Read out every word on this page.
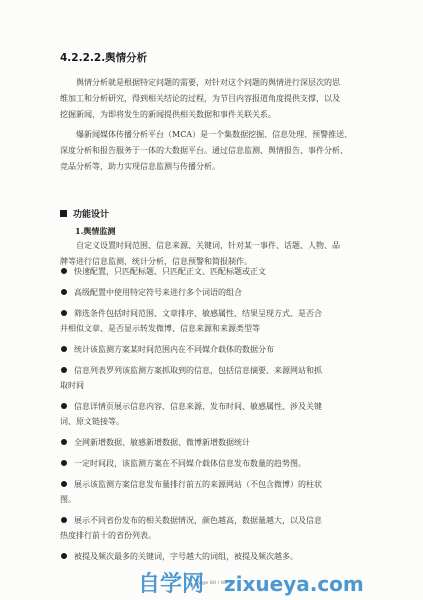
4.2.2.2.舆情分析
舆情分析就是根据特定问题的需要，对针对这个问题的舆情进行深层次的思
维加工和分析研究，得到相关结论的过程，为节目内容报道角度提供支撑，以及
挖掘新闻，为即将发生的新闻提供相关数据和事件关联关系。
爆新闻媒体传播分析平台（MCA）是一个集数据挖掘、信息处理、预警推送、
深度分析和报告服务于一体的大数据平台。通过信息监测、舆情报告、事件分析、
竞品分析等，助力实现信息监测与传播分析。
功能设计
1.舆情监测
自定义设置时间范围、信息来源、关键词，针对某一事件、话题、人物、品
牌等进行信息监测，统计分析，信息预警和简报制作。
快速配置，只匹配标题、只匹配正文、匹配标题或正文
高级配置中使用特定符号来进行多个词语的组合
筛选条件包括时间范围、文章排序、敏感属性、结果呈现方式、是否合
并相似文章、是否显示转发微博、信息来源和来源类型等
统计该监测方案某时间范围内在不同媒介载体的数据分布
信息列表罗列该监测方案抓取到的信息，包括信息摘要、来源网站和抓
取时间
信息详情页展示信息内容、信息来源、发布时间、敏感属性、涉及关键
词、原文链接等。
全网新增数据、敏感新增数据、微博新增数据统计
一定时间段，该监测方案在不同媒介载体信息发布数量的趋势图。
展示该监测方案信息发布量排行前五的来源网站（不包含微博）的柱状
图。
展示不同省份发布的相关数据情况，颜色越高，数据量越大，以及信息
热度排行前十的省份列表。
被提及频次最多的关键词，字号越大的词组，被提及频次越多。
Page 80 / 88
自学网 zixueya.com
